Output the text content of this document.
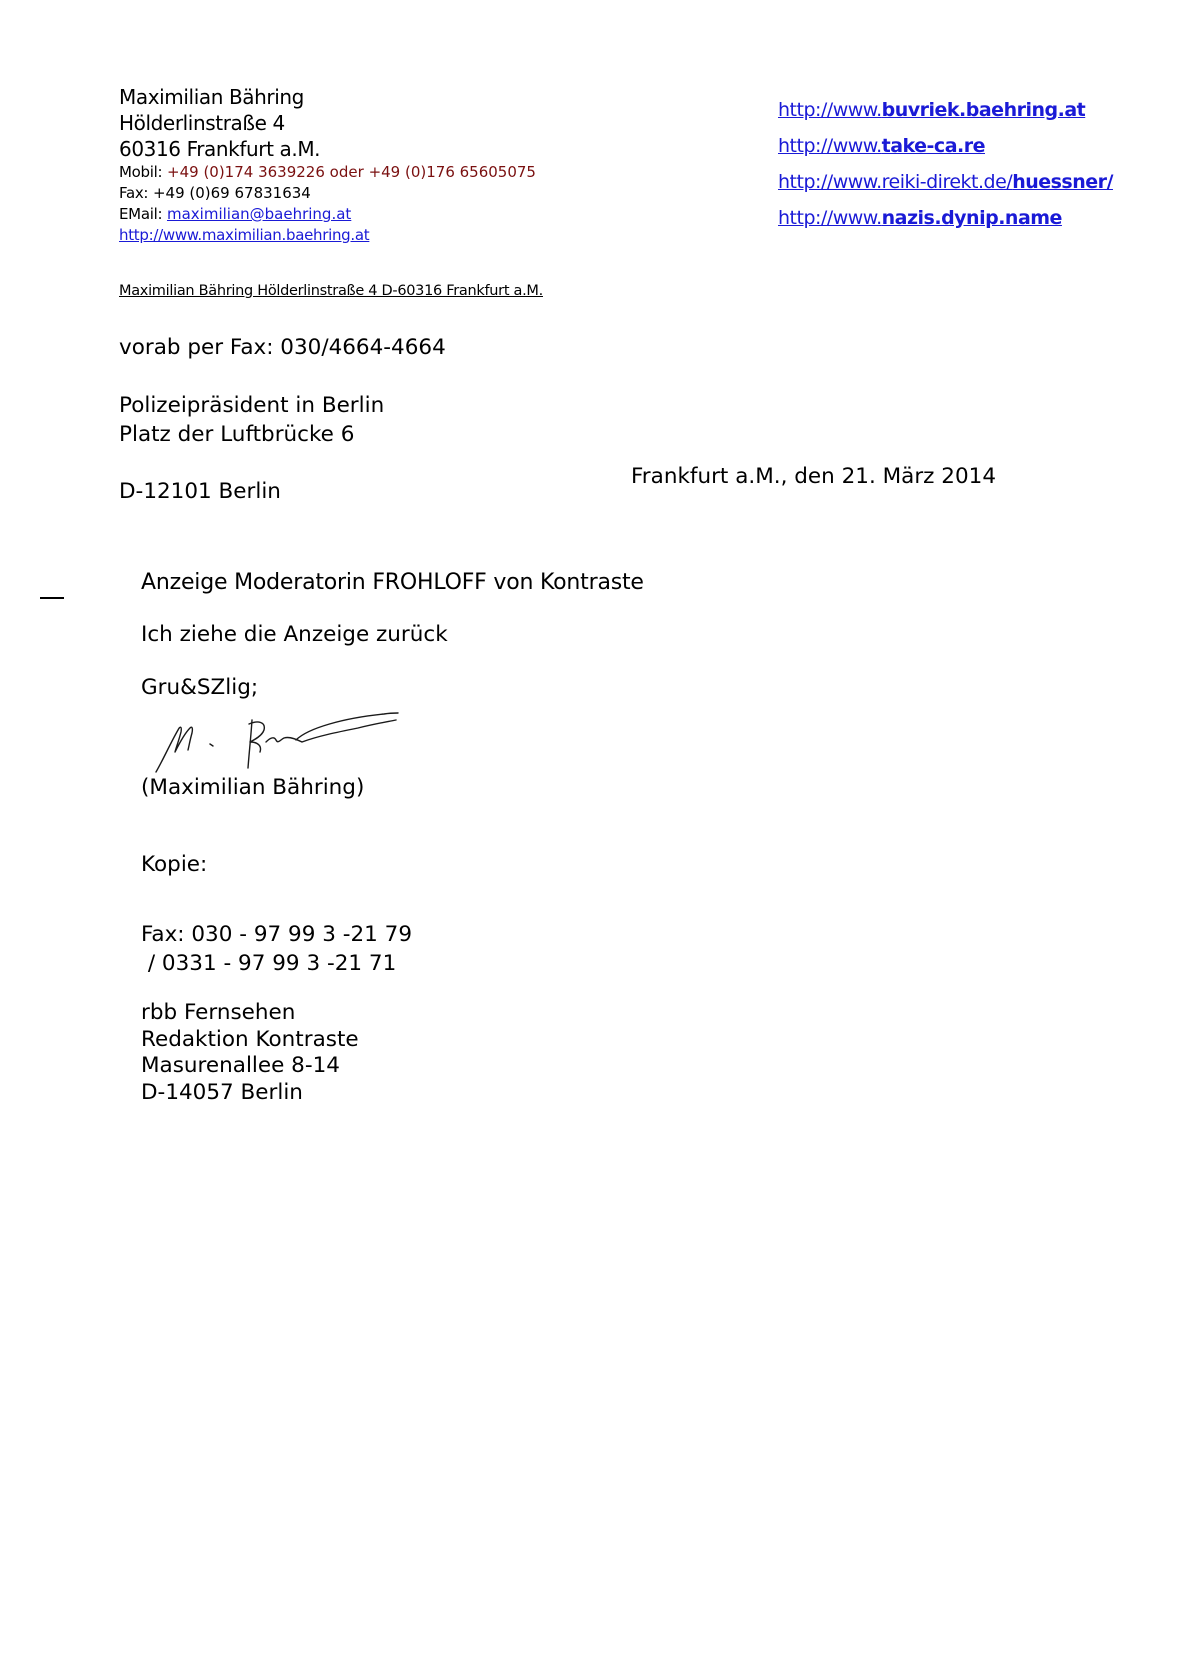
Maximilian Bähring
Hölderlinstraße 4
60316 Frankfurt a.M.
Mobil: +49 (0)174 3639226 oder +49 (0)176 65605075
Fax: +49 (0)69 67831634
EMail: maximilian@baehring.at
http://www.maximilian.baehring.at
http://www.buvriek.baehring.at
http://www.take-ca.re
http://www.reiki-direkt.de/huessner/
http://www.nazis.dynip.name
Maximilian Bähring Hölderlinstraße 4 D-60316 Frankfurt a.M.
vorab per Fax: 030/4664-4664
Polizeipräsident in Berlin
Platz der Luftbrücke 6
D-12101 Berlin
Frankfurt a.M., den 21. März 2014
Anzeige Moderatorin FROHLOFF von Kontraste
Ich ziehe die Anzeige zurück
Gru&SZlig;
(Maximilian Bähring)
Kopie:
Fax: 030 - 97 99 3 -21 79
/ 0331 - 97 99 3 -21 71
rbb Fernsehen
Redaktion Kontraste
Masurenallee 8-14
D-14057 Berlin
